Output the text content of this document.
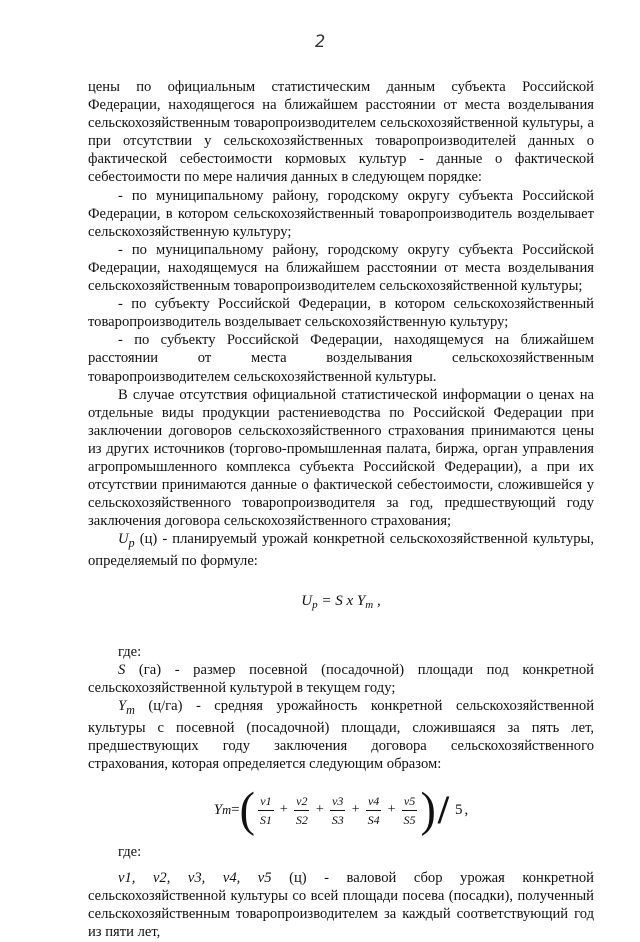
2

цены по официальным статистическим данным субъекта Российской Федерации, находящегося на ближайшем расстоянии от места возделывания сельскохозяйственным товаропроизводителем сельскохозяйственной культуры, а при отсутствии у сельскохозяйственных товаропроизводителей данных о фактической себестоимости кормовых культур - данные о фактической себестоимости по мере наличия данных в следующем порядке:

- по муниципальному району, городскому округу субъекта Российской Федерации, в котором сельскохозяйственный товаропроизводитель возделывает сельскохозяйственную культуру;

- по муниципальному району, городскому округу субъекта Российской Федерации, находящемуся на ближайшем расстоянии от места возделывания сельскохозяйственным товаропроизводителем сельскохозяйственной культуры;

- по субъекту Российской Федерации, в котором сельскохозяйственный товаропроизводитель возделывает сельскохозяйственную культуру;

- по субъекту Российской Федерации, находящемуся на ближайшем расстоянии от места возделывания сельскохозяйственным товаропроизводителем сельскохозяйственной культуры.

В случае отсутствия официальной статистической информации о ценах на отдельные виды продукции растениеводства по Российской Федерации при заключении договоров сельскохозяйственного страхования принимаются цены из других источников (торгово-промышленная палата, биржа, орган управления агропромышленного комплекса субъекта Российской Федерации), а при их отсутствии принимаются данные о фактической себестоимости, сложившейся у сельскохозяйственного товаропроизводителя за год, предшествующий году заключения договора сельскохозяйственного страхования;

$U_p$ (ц) - планируемый урожай конкретной сельскохозяйственной культуры, определяемый по формуле:

$U_p = S$ x $Y_m$ ,

где:

S (га) - размер посевной (посадочной) площади под конкретной сельскохозяйственной культурой в текущем году;

$Y_m$ (ц/га) - средняя урожайность конкретной сельскохозяйственной культуры с посевной (посадочной) площади, сложившаяся за пять лет, предшествующих году заключения договора сельскохозяйственного страхования, которая определяется следующим образом:

Y m = ( $\frac{v1}{S1} + \frac{v2}{S2} + \frac{v3}{S3} + \frac{v4}{S4} + \frac{v5}{S5}$ ) / 5 ,

где:

v1, v2, v3, v4, v5 (ц) - валовой сбор урожая конкретной сельскохозяйственной культуры со всей площади посева (посадки), полученный сельскохозяйственным товаропроизводителем за каждый соответствующий год из пяти лет,
